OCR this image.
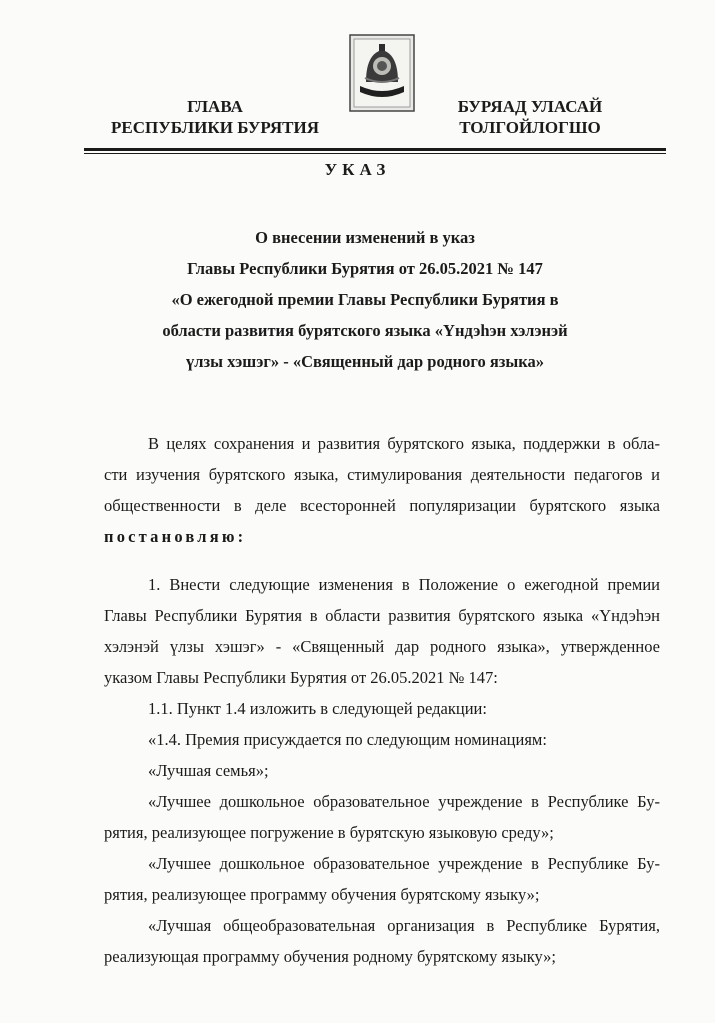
ГЛАВА
РЕСПУБЛИКИ БУРЯТИЯ
БУРЯАД УЛАСАЙ
ТОЛГОЙЛОГШО
УКАЗ
О внесении изменений в указ
Главы Республики Бурятия от 26.05.2021 № 147
«О ежегодной премии Главы Республики Бурятия в
области развития бурятского языка «Үндэһэн хэлэнэй
үлзы хэшэг» - «Священный дар родного языка»
В целях сохранения и развития бурятского языка, поддержки в обла-
сти изучения бурятского языка, стимулирования деятельности педагогов и
общественности в деле всесторонней популяризации бурятского языка
постановляю:
1. Внести следующие изменения в Положение о ежегодной премии
Главы Республики Бурятия в области развития бурятского языка «Үндэһэн
хэлэнэй үлзы хэшэг» - «Священный дар родного языка», утвержденное
указом Главы Республики Бурятия от 26.05.2021 № 147:
1.1. Пункт 1.4 изложить в следующей редакции:
«1.4. Премия присуждается по следующим номинациям:
«Лучшая семья»;
«Лучшее дошкольное образовательное учреждение в Республике Бу-
рятия, реализующее погружение в бурятскую языковую среду»;
«Лучшее дошкольное образовательное учреждение в Республике Бу-
рятия, реализующее программу обучения бурятскому языку»;
«Лучшая общеобразовательная организация в Республике Бурятия,
реализующая программу обучения родному бурятскому языку»;
